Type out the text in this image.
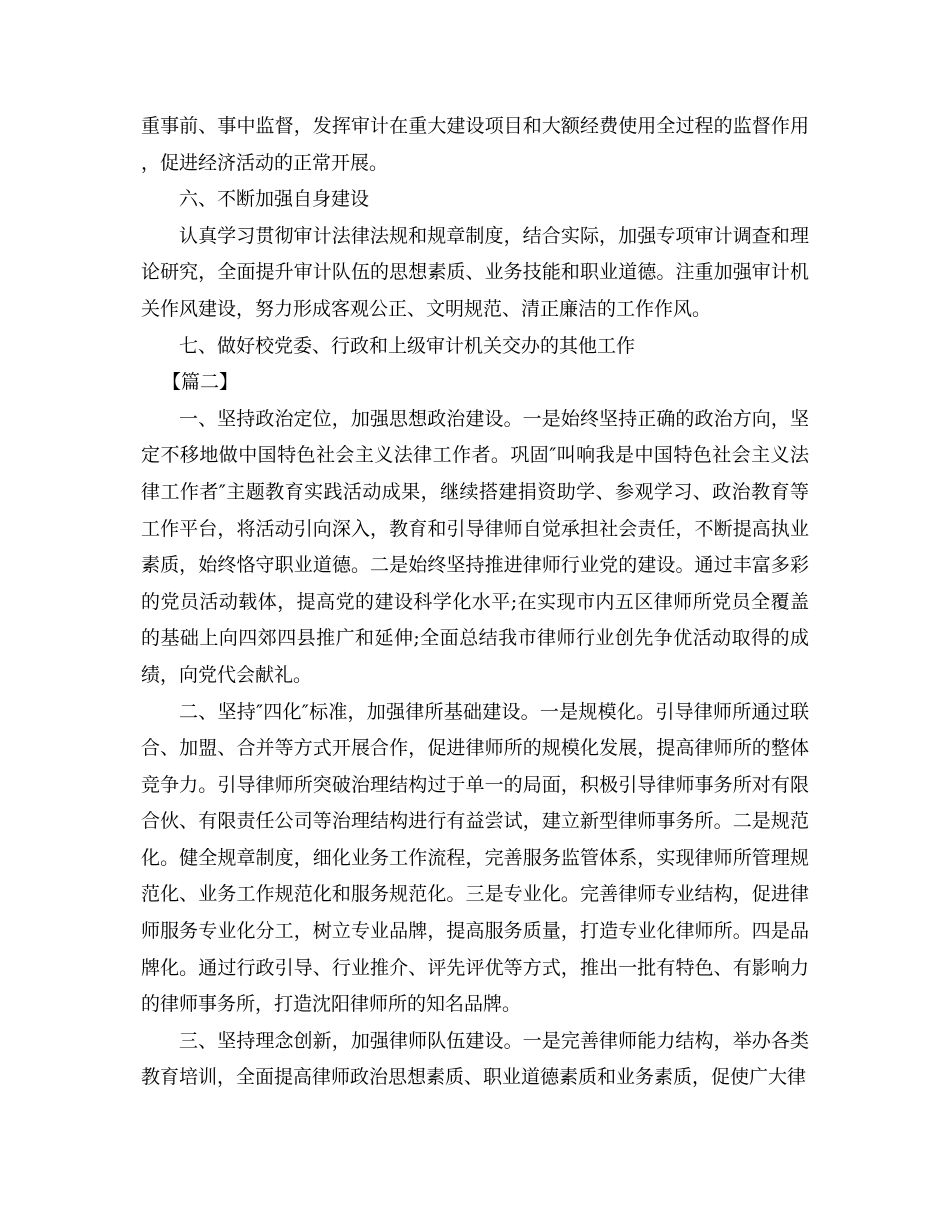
重事前、事中监督，发挥审计在重大建设项目和大额经费使用全过程的监督作用，促进经济活动的正常开展。

六、不断加强自身建设

认真学习贯彻审计法律法规和规章制度，结合实际，加强专项审计调查和理论研究，全面提升审计队伍的思想素质、业务技能和职业道德。注重加强审计机关作风建设，努力形成客观公正、文明规范、清正廉洁的工作作风。

七、做好校党委、行政和上级审计机关交办的其他工作

【篇二】

一、坚持政治定位，加强思想政治建设。一是始终坚持正确的政治方向，坚定不移地做中国特色社会主义法律工作者。巩固″叫响我是中国特色社会主义法律工作者″主题教育实践活动成果，继续搭建捐资助学、参观学习、政治教育等工作平台，将活动引向深入，教育和引导律师自觉承担社会责任，不断提高执业素质，始终恪守职业道德。二是始终坚持推进律师行业党的建设。通过丰富多彩的党员活动载体，提高党的建设科学化水平;在实现市内五区律师所党员全覆盖的基础上向四郊四县推广和延伸;全面总结我市律师行业创先争优活动取得的成绩，向党代会献礼。

二、坚持″四化″标准，加强律所基础建设。一是规模化。引导律师所通过联合、加盟、合并等方式开展合作，促进律师所的规模化发展，提高律师所的整体竞争力。引导律师所突破治理结构过于单一的局面，积极引导律师事务所对有限合伙、有限责任公司等治理结构进行有益尝试，建立新型律师事务所。二是规范化。健全规章制度，细化业务工作流程，完善服务监管体系，实现律师所管理规范化、业务工作规范化和服务规范化。三是专业化。完善律师专业结构，促进律师服务专业化分工，树立专业品牌，提高服务质量，打造专业化律师所。四是品牌化。通过行政引导、行业推介、评先评优等方式，推出一批有特色、有影响力的律师事务所，打造沈阳律师所的知名品牌。

三、坚持理念创新，加强律师队伍建设。一是完善律师能力结构，举办各类教育培训，全面提高律师政治思想素质、职业道德素质和业务素质，促使广大律
